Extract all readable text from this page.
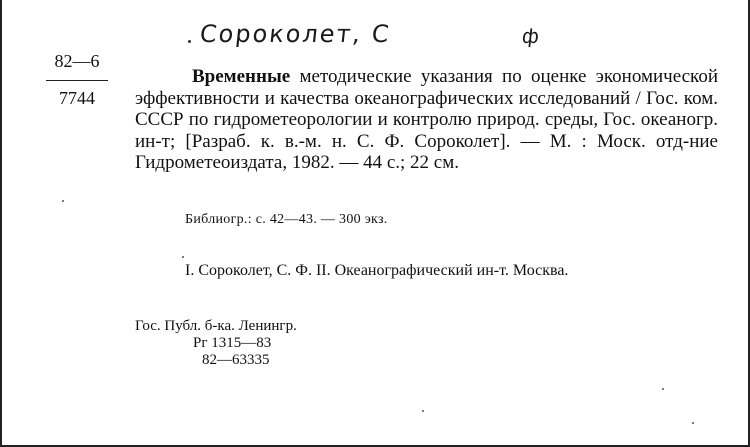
Сороколет, С	ф
82—6
7744
Временные методические указания по оценке экономической эффективности и качества океанографических исследований / Гос. ком. СССР по гидрометеорологии и контролю природ. среды, Гос. океаногр. ин-т; [Разраб. к. в.-м. н. С. Ф. Сороколет]. — М. : Моск. отд-ние Гидрометеоиздата, 1982. — 44 с.; 22 см.
Библиогр.: с. 42—43. — 300 экз.
I. Сороколет, С. Ф. II. Океанографический ин-т. Москва.
Гос. Публ. б-ка. Ленингр.
Рг 1315—83
82—63335
